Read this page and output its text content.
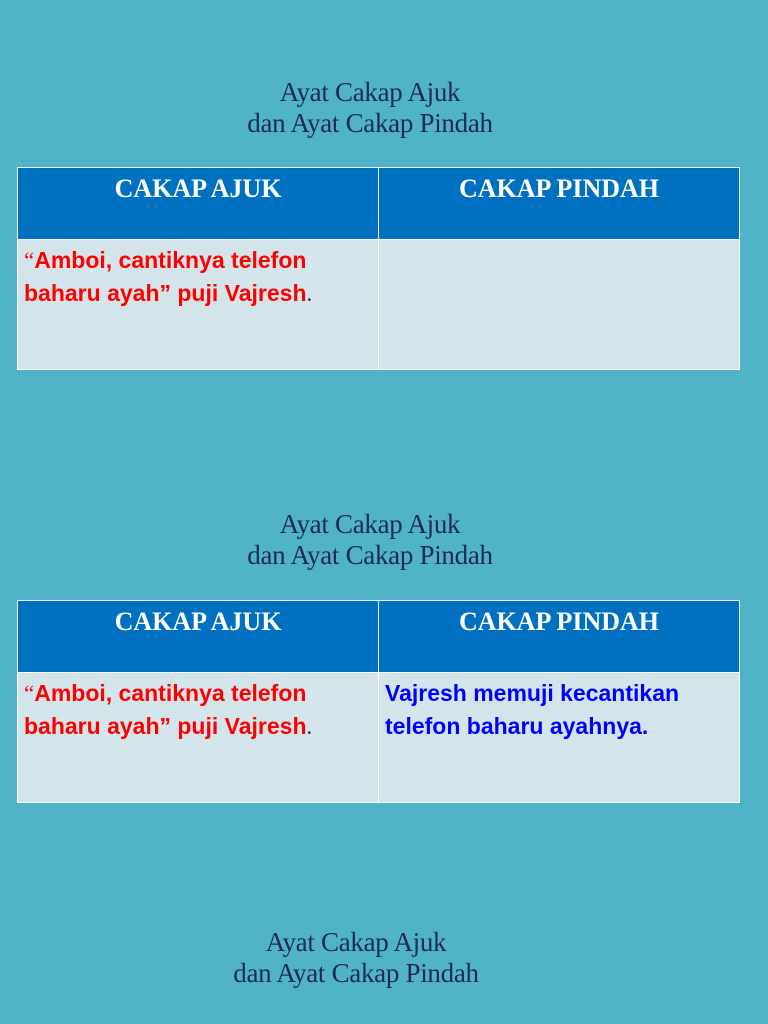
Ayat Cakap Ajuk
dan Ayat Cakap Pindah
CAKAP AJUK	CAKAP PINDAH
“Amboi, cantiknya telefon baharu ayah” puji Vajresh.	
Ayat Cakap Ajuk
dan Ayat Cakap Pindah
CAKAP AJUK	CAKAP PINDAH
“Amboi, cantiknya telefon baharu ayah” puji Vajresh.	Vajresh memuji kecantikan telefon baharu ayahnya.
Ayat Cakap Ajuk
dan Ayat Cakap Pindah
